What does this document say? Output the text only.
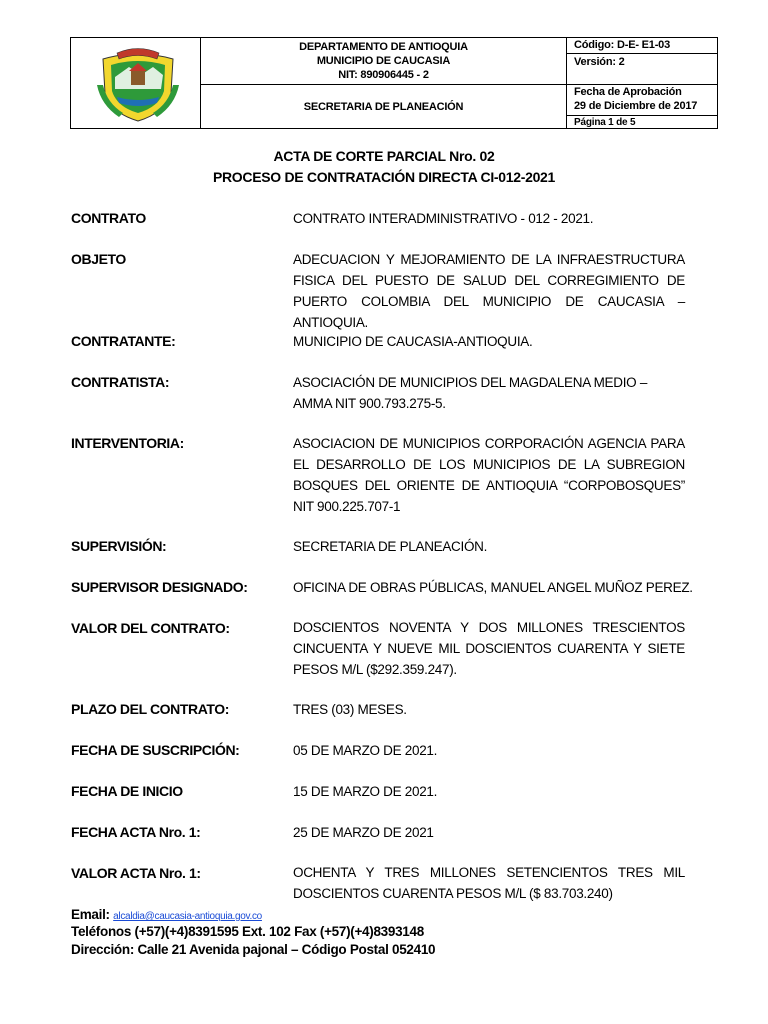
DEPARTAMENTO DE ANTIOQUIA
MUNICIPIO DE CAUCASIA
NIT: 890906445 - 2
SECRETARIA DE PLANEACIÓN
Código: D-E- E1-03
Versión: 2
Fecha de Aprobación
29 de Diciembre de 2017
Página 1 de 5
ACTA DE CORTE PARCIAL Nro. 02
PROCESO DE CONTRATACIÓN DIRECTA CI-012-2021
CONTRATO	CONTRATO INTERADMINISTRATIVO - 012 - 2021.
OBJETO	ADECUACION Y MEJORAMIENTO DE LA INFRAESTRUCTURA FISICA DEL PUESTO DE SALUD DEL CORREGIMIENTO DE PUERTO COLOMBIA DEL MUNICIPIO DE CAUCASIA – ANTIOQUIA.
CONTRATANTE:	MUNICIPIO DE CAUCASIA-ANTIOQUIA.
CONTRATISTA:	ASOCIACIÓN DE MUNICIPIOS DEL MAGDALENA MEDIO – AMMA NIT 900.793.275-5.
INTERVENTORIA:	ASOCIACION DE MUNICIPIOS CORPORACIÓN AGENCIA PARA EL DESARROLLO DE LOS MUNICIPIOS DE LA SUBREGION BOSQUES DEL ORIENTE DE ANTIOQUIA “CORPOBOSQUES” NIT 900.225.707-1
SUPERVISIÓN:	SECRETARIA DE PLANEACIÓN.
SUPERVISOR DESIGNADO:	OFICINA DE OBRAS PÚBLICAS, MANUEL ANGEL MUÑOZ PEREZ.
VALOR DEL CONTRATO:	DOSCIENTOS NOVENTA Y DOS MILLONES TRESCIENTOS CINCUENTA Y NUEVE MIL DOSCIENTOS CUARENTA Y SIETE PESOS M/L ($292.359.247).
PLAZO DEL CONTRATO:	TRES (03) MESES.
FECHA DE SUSCRIPCIÓN:	05 DE MARZO DE 2021.
FECHA DE INICIO	15 DE MARZO DE 2021.
FECHA ACTA Nro. 1:	25 DE MARZO DE 2021
VALOR ACTA Nro. 1:	OCHENTA Y TRES MILLONES SETENCIENTOS TRES MIL DOSCIENTOS CUARENTA PESOS M/L ($ 83.703.240)
Email: alcaldia@caucasia-antioquia.gov.co
Teléfonos (+57)(+4)8391595 Ext. 102 Fax (+57)(+4)8393148
Dirección: Calle 21 Avenida pajonal – Código Postal 052410
